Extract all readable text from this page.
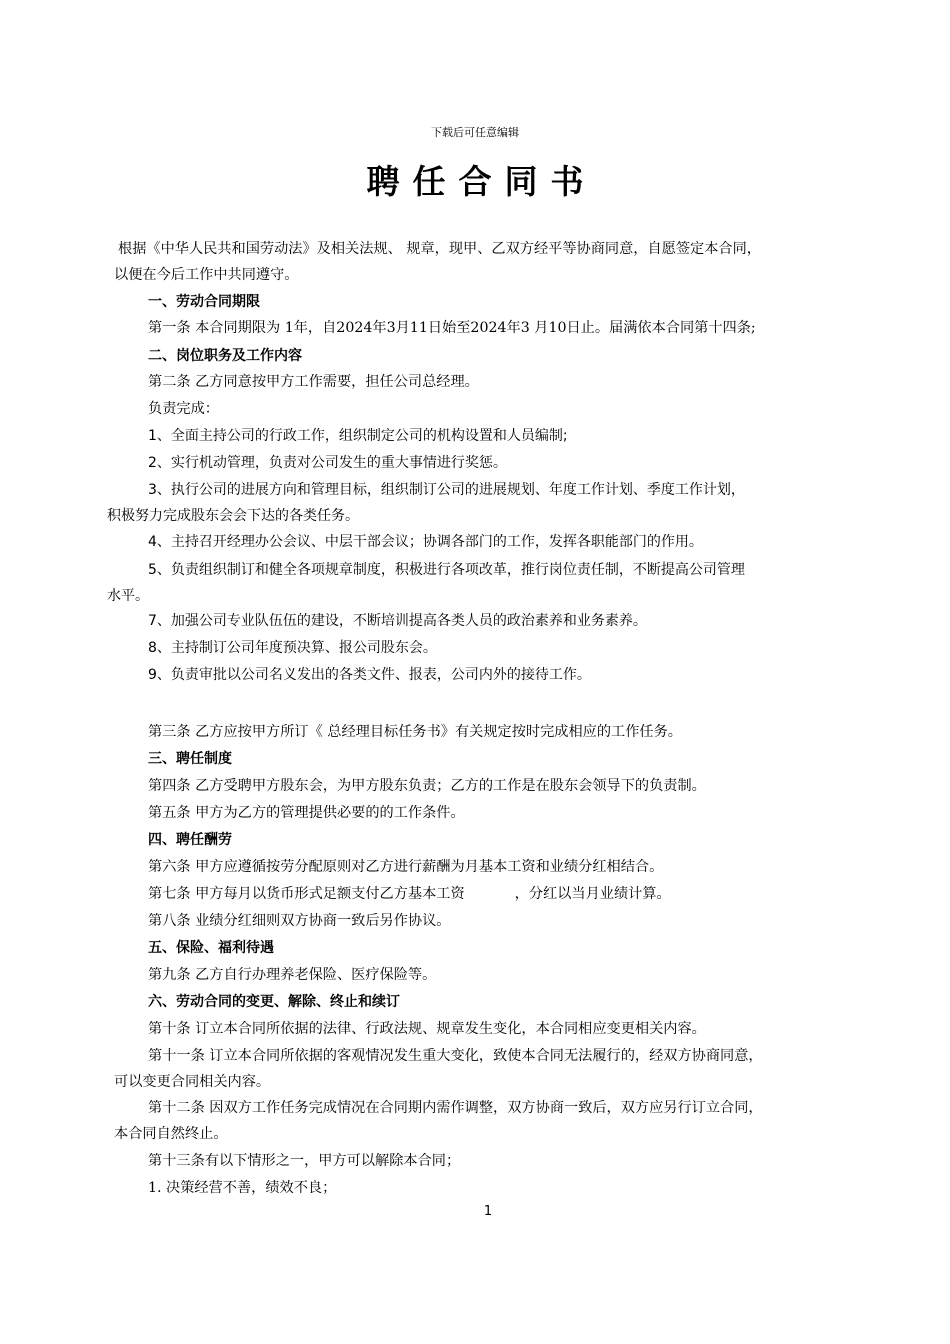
下载后可任意编辑
聘任合同书
根据《中华人民共和国劳动法》及相关法规、 规章，现甲、乙双方经平等协商同意，自愿签定本合同，
以便在今后工作中共同遵守。
一、劳动合同期限
第一条 本合同期限为 1年，自2024年3月11日始至2024年3 月10日止。届满依本合同第十四条;
二、岗位职务及工作内容
第二条 乙方同意按甲方工作需要，担任公司总经理。
负责完成：
1、全面主持公司的行政工作，组织制定公司的机构设置和人员编制;
2、实行机动管理，负责对公司发生的重大事情进行奖惩。
3、执行公司的进展方向和管理目标，组织制订公司的进展规划、年度工作计划、季度工作计划，
积极努力完成股东会会下达的各类任务。
4、主持召开经理办公会议、中层干部会议；协调各部门的工作，发挥各职能部门的作用。
5、负责组织制订和健全各项规章制度，积极进行各项改革，推行岗位责任制，不断提高公司管理
水平。
7、加强公司专业队伍伍的建设，不断培训提高各类人员的政治素养和业务素养。
8、主持制订公司年度预决算、报公司股东会。
9、负责审批以公司名义发出的各类文件、报表，公司内外的接待工作。
第三条 乙方应按甲方所订《 总经理目标任务书》有关规定按时完成相应的工作任务。
三、聘任制度
第四条 乙方受聘甲方股东会，为甲方股东负责；乙方的工作是在股东会领导下的负责制。
第五条 甲方为乙方的管理提供必要的的工作条件。
四、聘任酬劳
第六条 甲方应遵循按劳分配原则对乙方进行薪酬为月基本工资和业绩分红相结合。
第七条 甲方每月以货币形式足额支付乙方基本工资	，分红以当月业绩计算。
第八条 业绩分红细则双方协商一致后另作协议。
五、保险、福利待遇
第九条 乙方自行办理养老保险、医疗保险等。
六、劳动合同的变更、解除、终止和续订
第十条 订立本合同所依据的法律、行政法规、规章发生变化，本合同相应变更相关内容。
第十一条 订立本合同所依据的客观情况发生重大变化，致使本合同无法履行的，经双方协商同意，
可以变更合同相关内容。
第十二条 因双方工作任务完成情况在合同期内需作调整，双方协商一致后，双方应另行订立合同，
本合同自然终止。
第十三条有以下情形之一，甲方可以解除本合同；
1. 决策经营不善，绩效不良；
1
